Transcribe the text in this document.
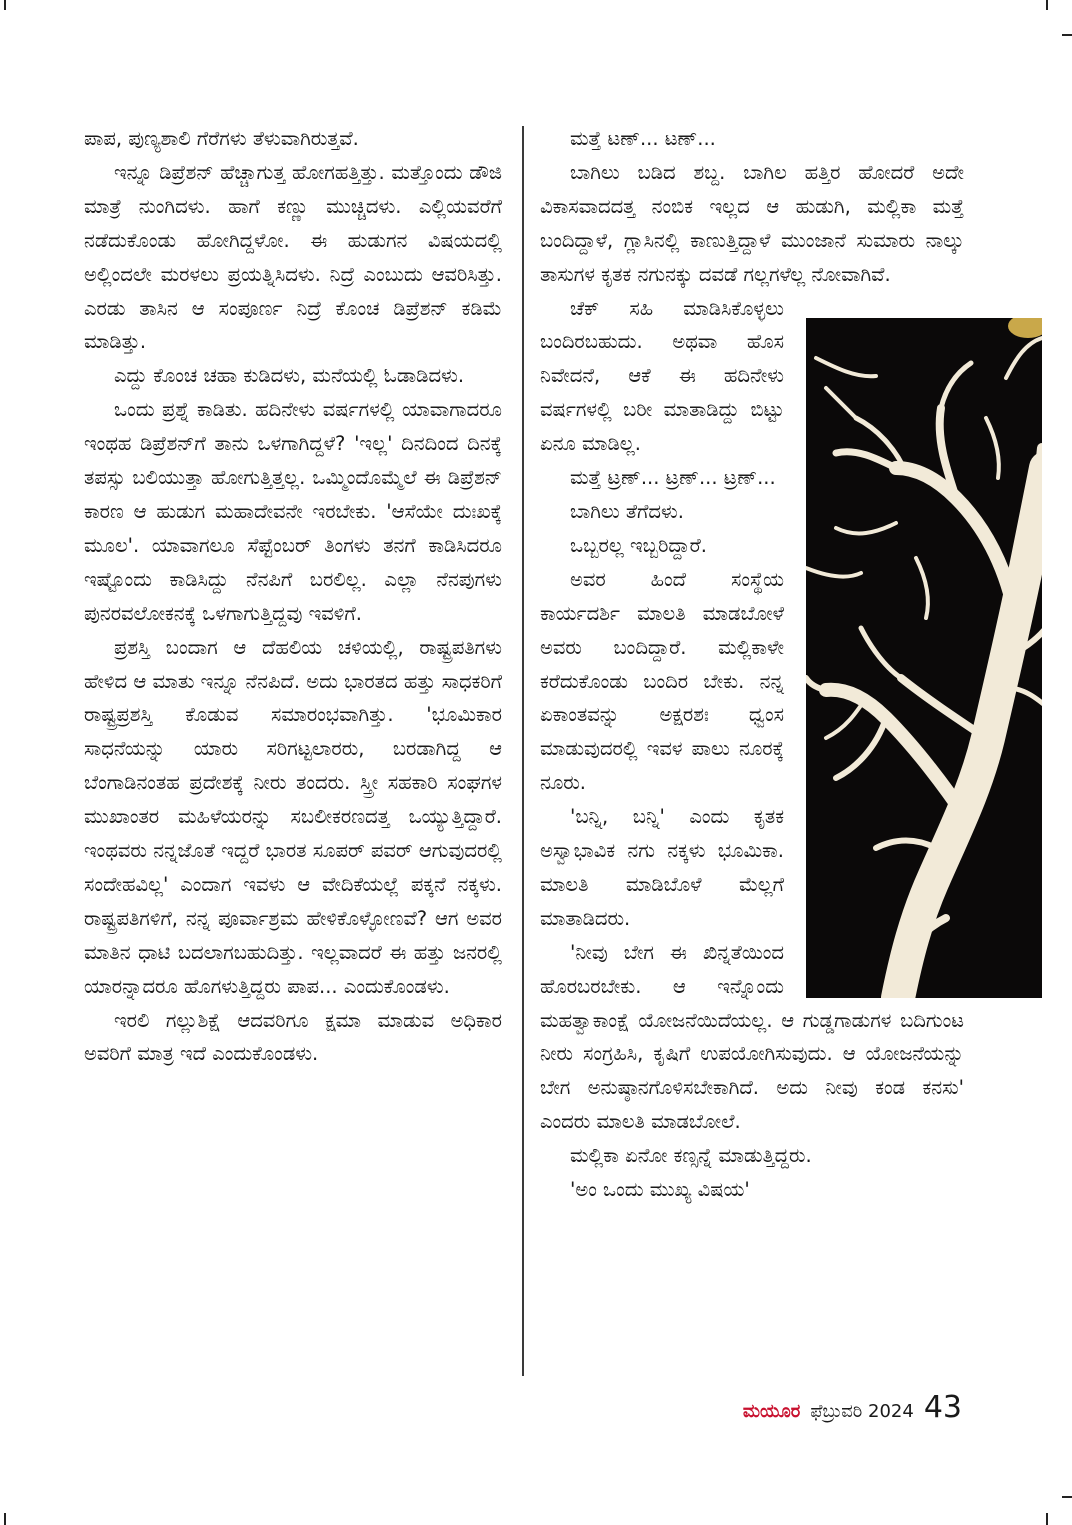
ಪಾಪ, ಪುಣ್ಯಶಾಲಿ ಗೆರೆಗಳು ತೆಳುವಾಗಿರುತ್ತವೆ.

ಇನ್ನೂ ಡಿಪ್ರೆಶನ್ ಹೆಚ್ಚಾಗುತ್ತ ಹೋಗಹತ್ತಿತ್ತು. ಮತ್ತೊಂದು ಡೌಜಿ ಮಾತ್ರೆ ನುಂಗಿದಳು. ಹಾಗೆ ಕಣ್ಣು ಮುಚ್ಚಿದಳು. ಎಲ್ಲಿಯವರೆಗೆ ನಡೆದುಕೊಂಡು ಹೋಗಿದ್ದಳೋ. ಈ ಹುಡುಗನ ವಿಷಯದಲ್ಲಿ ಅಲ್ಲಿಂದಲೇ ಮರಳಲು ಪ್ರಯತ್ನಿಸಿದಳು. ನಿದ್ರೆ ಎಂಬುದು ಆವರಿಸಿತ್ತು. ಎರಡು ತಾಸಿನ ಆ ಸಂಪೂರ್ಣ ನಿದ್ರೆ ಕೊಂಚ ಡಿಪ್ರೆಶನ್ ಕಡಿಮೆ ಮಾಡಿತ್ತು.

ಎದ್ದು ಕೊಂಚ ಚಹಾ ಕುಡಿದಳು, ಮನೆಯಲ್ಲಿ ಓಡಾಡಿದಳು.

ಒಂದು ಪ್ರಶ್ನೆ ಕಾಡಿತು. ಹದಿನೇಳು ವರ್ಷಗಳಲ್ಲಿ ಯಾವಾಗಾದರೂ ಇಂಥಹ ಡಿಪ್ರೆಶನ್‌ಗೆ ತಾನು ಒಳಗಾಗಿದ್ದಳೆ? 'ಇಲ್ಲ' ದಿನದಿಂದ ದಿನಕ್ಕೆ ತಪಸ್ಸು ಬಲಿಯುತ್ತಾ ಹೋಗುತ್ತಿತ್ತಲ್ಲ. ಒಮ್ಮಿಂದೊಮ್ಮೆಲೆ ಈ ಡಿಪ್ರೆಶನ್ ಕಾರಣ ಆ ಹುಡುಗ ಮಹಾದೇವನೇ ಇರಬೇಕು. 'ಆಸೆಯೇ ದುಃಖಕ್ಕೆ ಮೂಲ'. ಯಾವಾಗಲೂ ಸೆಪ್ಟೆಂಬರ್ ತಿಂಗಳು ತನಗೆ ಕಾಡಿಸಿದರೂ ಇಷ್ಟೊಂದು ಕಾಡಿಸಿದ್ದು ನೆನಪಿಗೆ ಬರಲಿಲ್ಲ. ಎಲ್ಲಾ ನೆನಪುಗಳು ಪುನರವಲೋಕನಕ್ಕೆ ಒಳಗಾಗುತ್ತಿದ್ದವು ಇವಳಿಗೆ.

ಪ್ರಶಸ್ತಿ ಬಂದಾಗ ಆ ದೆಹಲಿಯ ಚಳಿಯಲ್ಲಿ, ರಾಷ್ಟ್ರಪತಿಗಳು ಹೇಳಿದ ಆ ಮಾತು ಇನ್ನೂ ನೆನಪಿದೆ. ಅದು ಭಾರತದ ಹತ್ತು ಸಾಧಕರಿಗೆ ರಾಷ್ಟ್ರಪ್ರಶಸ್ತಿ ಕೊಡುವ ಸಮಾರಂಭವಾಗಿತ್ತು. 'ಭೂಮಿಕಾರ ಸಾಧನೆಯನ್ನು ಯಾರು ಸರಿಗಟ್ಟಲಾರರು, ಬರಡಾಗಿದ್ದ ಆ ಬೆಂಗಾಡಿನಂತಹ ಪ್ರದೇಶಕ್ಕೆ ನೀರು ತಂದರು. ಸ್ತ್ರೀ ಸಹಕಾರಿ ಸಂಘಗಳ ಮುಖಾಂತರ ಮಹಿಳೆಯರನ್ನು ಸಬಲೀಕರಣದತ್ತ ಒಯ್ಯುತ್ತಿದ್ದಾರೆ. ಇಂಥವರು ನನ್ನಜೊತೆ ಇದ್ದರೆ ಭಾರತ ಸೂಪರ್ ಪವರ್ ಆಗುವುದರಲ್ಲಿ ಸಂದೇಹವಿಲ್ಲ' ಎಂದಾಗ ಇವಳು ಆ ವೇದಿಕೆಯಲ್ಲೆ ಪಕ್ಕನೆ ನಕ್ಕಳು. ರಾಷ್ಟ್ರಪತಿಗಳಿಗೆ, ನನ್ನ ಪೂರ್ವಾಶ್ರಮ ಹೇಳಿಕೊಳ್ಳೋಣವೆ? ಆಗ ಅವರ ಮಾತಿನ ಧಾಟಿ ಬದಲಾಗಬಹುದಿತ್ತು. ಇಲ್ಲವಾದರೆ ಈ ಹತ್ತು ಜನರಲ್ಲಿ ಯಾರನ್ನಾದರೂ ಹೊಗಳುತ್ತಿದ್ದರು ಪಾಪ... ಎಂದುಕೊಂಡಳು.

ಇರಲಿ ಗಲ್ಲುಶಿಕ್ಷೆ ಆದವರಿಗೂ ಕ್ಷಮಾ ಮಾಡುವ ಅಧಿಕಾರ ಅವರಿಗೆ ಮಾತ್ರ ಇದೆ ಎಂದುಕೊಂಡಳು.

ಮತ್ತೆ ಟಣ್... ಟಣ್...

ಬಾಗಿಲು ಬಡಿದ ಶಬ್ದ. ಬಾಗಿಲ ಹತ್ತಿರ ಹೋದರೆ ಅದೇ ವಿಕಾಸವಾದದತ್ತ ನಂಬಿಕ ಇಲ್ಲದ ಆ ಹುಡುಗಿ, ಮಲ್ಲಿಕಾ ಮತ್ತೆ ಬಂದಿದ್ದಾಳೆ, ಗ್ಲಾಸಿನಲ್ಲಿ ಕಾಣುತ್ತಿದ್ದಾಳೆ ಮುಂಜಾನೆ ಸುಮಾರು ನಾಲ್ಕು ತಾಸುಗಳ ಕೃತಕ ನಗುನಕ್ಕು ದವಡೆ ಗಲ್ಲಗಳೆಲ್ಲ ನೋವಾಗಿವೆ.

ಚೆಕ್ ಸಹಿ ಮಾಡಿಸಿಕೊಳ್ಳಲು ಬಂದಿರಬಹುದು. ಅಥವಾ ಹೊಸ ನಿವೇದನೆ, ಆಕೆ ಈ ಹದಿನೇಳು ವರ್ಷಗಳಲ್ಲಿ ಬರೀ ಮಾತಾಡಿದ್ದು ಬಿಟ್ಟು ಏನೂ ಮಾಡಿಲ್ಲ.

ಮತ್ತೆ ಟ್ರಣ್... ಟ್ರಣ್... ಟ್ರಣ್...

ಬಾಗಿಲು ತೆಗೆದಳು.

ಒಬ್ಬರಲ್ಲ ಇಬ್ಬರಿದ್ದಾರೆ.

ಅವರ ಹಿಂದೆ ಸಂಸ್ಥೆಯ ಕಾರ್ಯದರ್ಶಿ ಮಾಲತಿ ಮಾಡಬೋಳೆ ಅವರು ಬಂದಿದ್ದಾರೆ. ಮಲ್ಲಿಕಾಳೇ ಕರೆದುಕೊಂಡು ಬಂದಿರ ಬೇಕು. ನನ್ನ ಏಕಾಂತವನ್ನು ಅಕ್ಷರಶಃ ಧ್ವಂಸ ಮಾಡುವುದರಲ್ಲಿ ಇವಳ ಪಾಲು ನೂರಕ್ಕೆ ನೂರು.

'ಬನ್ನಿ, ಬನ್ನಿ' ಎಂದು ಕೃತಕ ಅಸ್ವಾಭಾವಿಕ ನಗು ನಕ್ಕಳು ಭೂಮಿಕಾ. ಮಾಲತಿ ಮಾಡಿಬೊಳೆ ಮೆಲ್ಲಗೆ ಮಾತಾಡಿದರು.

'ನೀವು ಬೇಗ ಈ ಖಿನ್ನತೆಯಿಂದ ಹೊರಬರಬೇಕು. ಆ ಇನ್ನೊಂದು ಮಹತ್ವಾಕಾಂಕ್ಷೆ ಯೋಜನೆಯಿದೆಯಲ್ಲ. ಆ ಗುಡ್ಡಗಾಡುಗಳ ಬದಿಗುಂಟ ನೀರು ಸಂಗ್ರಹಿಸಿ, ಕೃಷಿಗೆ ಉಪಯೋಗಿಸುವುದು. ಆ ಯೋಜನೆಯನ್ನು ಬೇಗ ಅನುಷ್ಠಾನಗೊಳಿಸಬೇಕಾಗಿದೆ. ಅದು ನೀವು ಕಂಡ ಕನಸು' ಎಂದರು ಮಾಲತಿ ಮಾಡಬೋಲೆ.

ಮಲ್ಲಿಕಾ ಏನೋ ಕಣ್ಸನ್ನೆ ಮಾಡುತ್ತಿದ್ದರು.

'ಅಂ ಒಂದು ಮುಖ್ಯ ವಿಷಯ'

ಮಯೂರ ಫೆಬ್ರುವರಿ 2024 43
